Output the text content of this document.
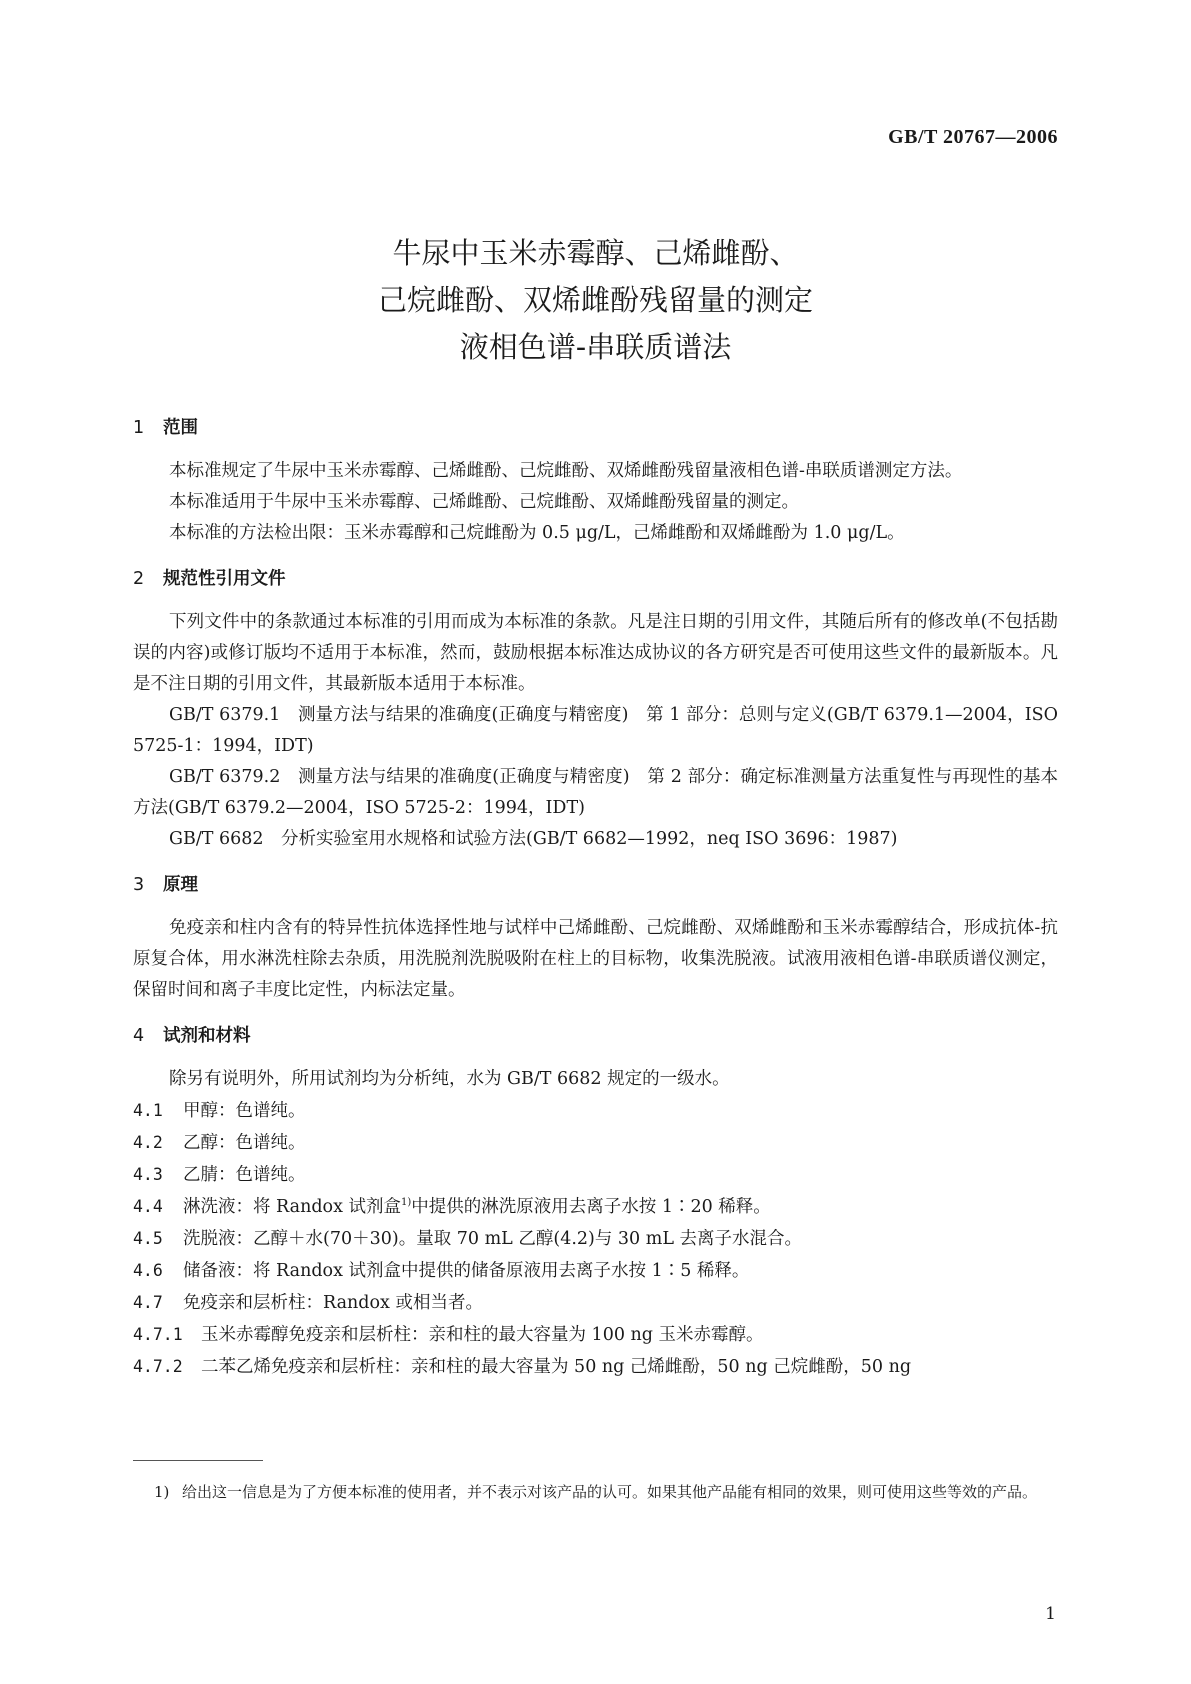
GB/T 20767—2006
牛尿中玉米赤霉醇、己烯雌酚、
己烷雌酚、双烯雌酚残留量的测定
液相色谱-串联质谱法
1 范围

本标准规定了牛尿中玉米赤霉醇、己烯雌酚、己烷雌酚、双烯雌酚残留量液相色谱-串联质谱测定方法。

本标准适用于牛尿中玉米赤霉醇、己烯雌酚、己烷雌酚、双烯雌酚残留量的测定。

本标准的方法检出限：玉米赤霉醇和己烷雌酚为 0.5 μg/L，己烯雌酚和双烯雌酚为 1.0 μg/L。

2 规范性引用文件

下列文件中的条款通过本标准的引用而成为本标准的条款。凡是注日期的引用文件，其随后所有的修改单(不包括勘误的内容)或修订版均不适用于本标准，然而，鼓励根据本标准达成协议的各方研究是否可使用这些文件的最新版本。凡是不注日期的引用文件，其最新版本适用于本标准。

GB/T 6379.1　测量方法与结果的准确度(正确度与精密度)　第 1 部分：总则与定义(GB/T 6379.1—2004，ISO 5725-1：1994，IDT)

GB/T 6379.2　测量方法与结果的准确度(正确度与精密度)　第 2 部分：确定标准测量方法重复性与再现性的基本方法(GB/T 6379.2—2004，ISO 5725-2：1994，IDT)

GB/T 6682　分析实验室用水规格和试验方法(GB/T 6682—1992，neq ISO 3696：1987)

3 原理

免疫亲和柱内含有的特异性抗体选择性地与试样中己烯雌酚、己烷雌酚、双烯雌酚和玉米赤霉醇结合，形成抗体-抗原复合体，用水淋洗柱除去杂质，用洗脱剂洗脱吸附在柱上的目标物，收集洗脱液。试液用液相色谱-串联质谱仪测定，保留时间和离子丰度比定性，内标法定量。

4 试剂和材料

除另有说明外，所用试剂均为分析纯，水为 GB/T 6682 规定的一级水。

4.1 甲醇：色谱纯。
4.2 乙醇：色谱纯。
4.3 乙腈：色谱纯。
4.4 淋洗液：将 Randox 试剂盒$^{1)}$中提供的淋洗原液用去离子水按 1∶20 稀释。
4.5 洗脱液：乙醇＋水(70＋30)。量取 70 mL 乙醇(4.2)与 30 mL 去离子水混合。
4.6 储备液：将 Randox 试剂盒中提供的储备原液用去离子水按 1∶5 稀释。
4.7 免疫亲和层析柱：Randox 或相当者。
4.7.1 玉米赤霉醇免疫亲和层析柱：亲和柱的最大容量为 100 ng 玉米赤霉醇。
4.7.2 二苯乙烯免疫亲和层析柱：亲和柱的最大容量为 50 ng 己烯雌酚，50 ng 己烷雌酚，50 ng
1) 给出这一信息是为了方便本标准的使用者，并不表示对该产品的认可。如果其他产品能有相同的效果，则可使用这些等效的产品。
1
